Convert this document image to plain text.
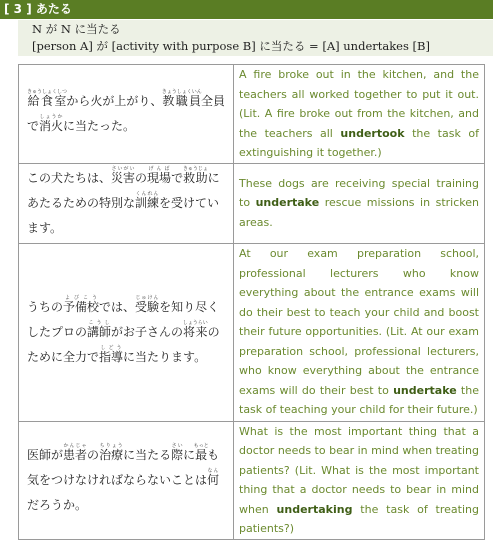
[ 3 ] あたる
N が N に当たる
[person A] が [activity with purpose B] に当たる = [A] undertakes [B]
給食室きゅうしょくしつから火が上がり、教職員きょうしょくいん全員で消火しょうかに当たった。	A fire broke out in the kitchen, and the teachers all worked together to put it out. (Lit. A fire broke out from the kitchen, and the teachers all undertook the task of extinguishing it together.)
この犬たちは、災害さいがいの現場げんばで救助きゅうじょにあたるための特別な訓練くんれんを受けています。	These dogs are receiving special training to undertake rescue missions in stricken areas.
うちの予備校よびこうでは、受験じゅけんを知り尽くしたプロの講師こうしがお子さんの将来しょうらいのために全力で指導しどうに当たります。	At our exam preparation school, professional lecturers who know everything about the entrance exams will do their best to teach your child and boost their future opportunities. (Lit. At our exam preparation school, professional lecturers, who know everything about the entrance exams will do their best to undertake the task of teaching your child for their future.)
医師が患者かんじゃの治療ちりょうに当たる際さいに最もっとも気をつけなければならないことは何なんだろうか。	What is the most important thing that a doctor needs to bear in mind when treating patients? (Lit. What is the most important thing that a doctor needs to bear in mind when undertaking the task of treating patients?)
